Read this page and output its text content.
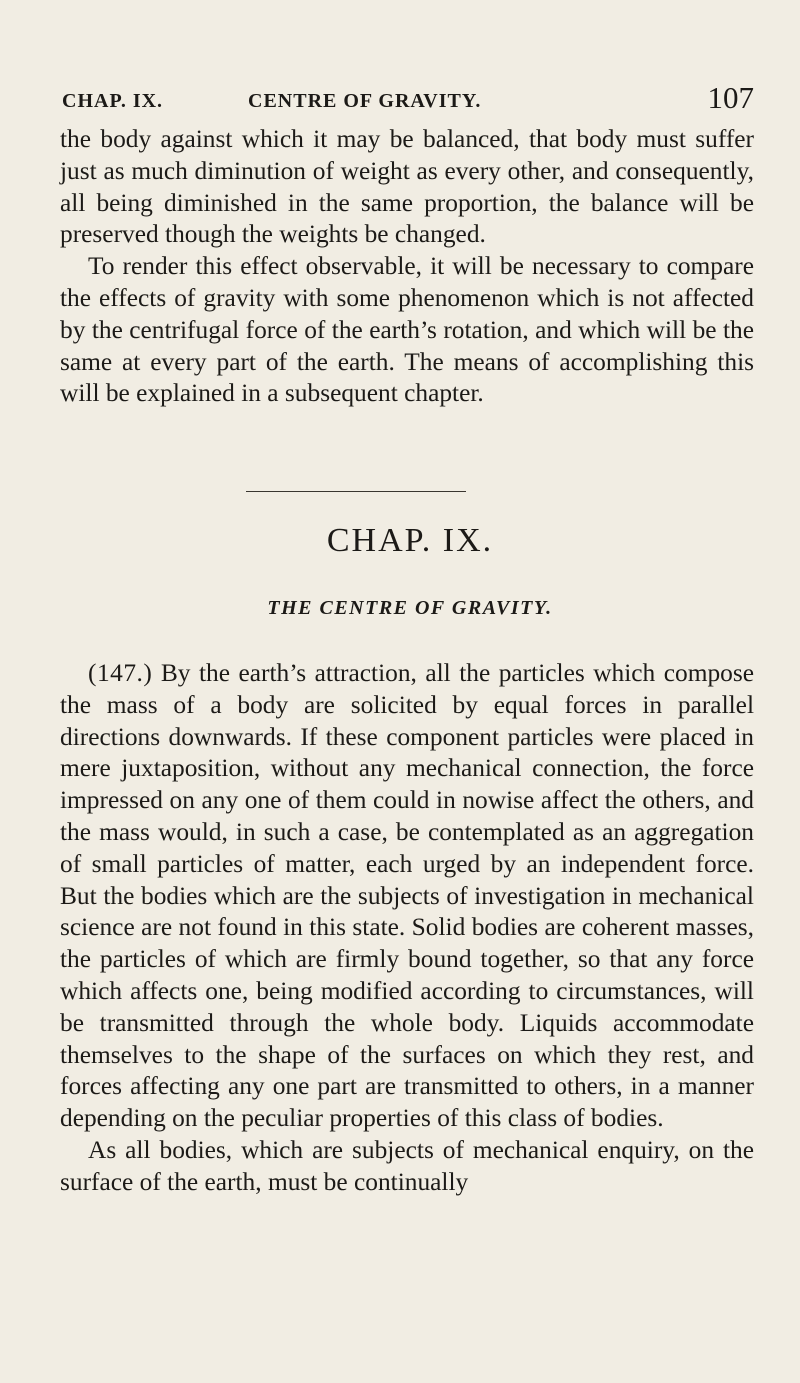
CHAP. IX.	CENTRE OF GRAVITY.	107

the body against which it may be balanced, that body must suffer just as much diminution of weight as every other, and consequently, all being diminished in the same proportion, the balance will be preserved though the weights be changed.

To render this effect observable, it will be necessary to compare the effects of gravity with some phenomenon which is not affected by the centrifugal force of the earth’s rotation, and which will be the same at every part of the earth. The means of accomplishing this will be explained in a subsequent chapter.

CHAP. IX.
THE CENTRE OF GRAVITY.

(147.) By the earth’s attraction, all the particles which compose the mass of a body are solicited by equal forces in parallel directions downwards. If these component particles were placed in mere juxtaposition, without any mechanical connection, the force impressed on any one of them could in nowise affect the others, and the mass would, in such a case, be contemplated as an aggregation of small particles of matter, each urged by an independent force. But the bodies which are the subjects of investigation in mechanical science are not found in this state. Solid bodies are coherent masses, the particles of which are firmly bound together, so that any force which affects one, being modified according to circumstances, will be transmitted through the whole body. Liquids accommodate themselves to the shape of the surfaces on which they rest, and forces affecting any one part are transmitted to others, in a manner depending on the peculiar properties of this class of bodies.

As all bodies, which are subjects of mechanical enquiry, on the surface of the earth, must be continually
